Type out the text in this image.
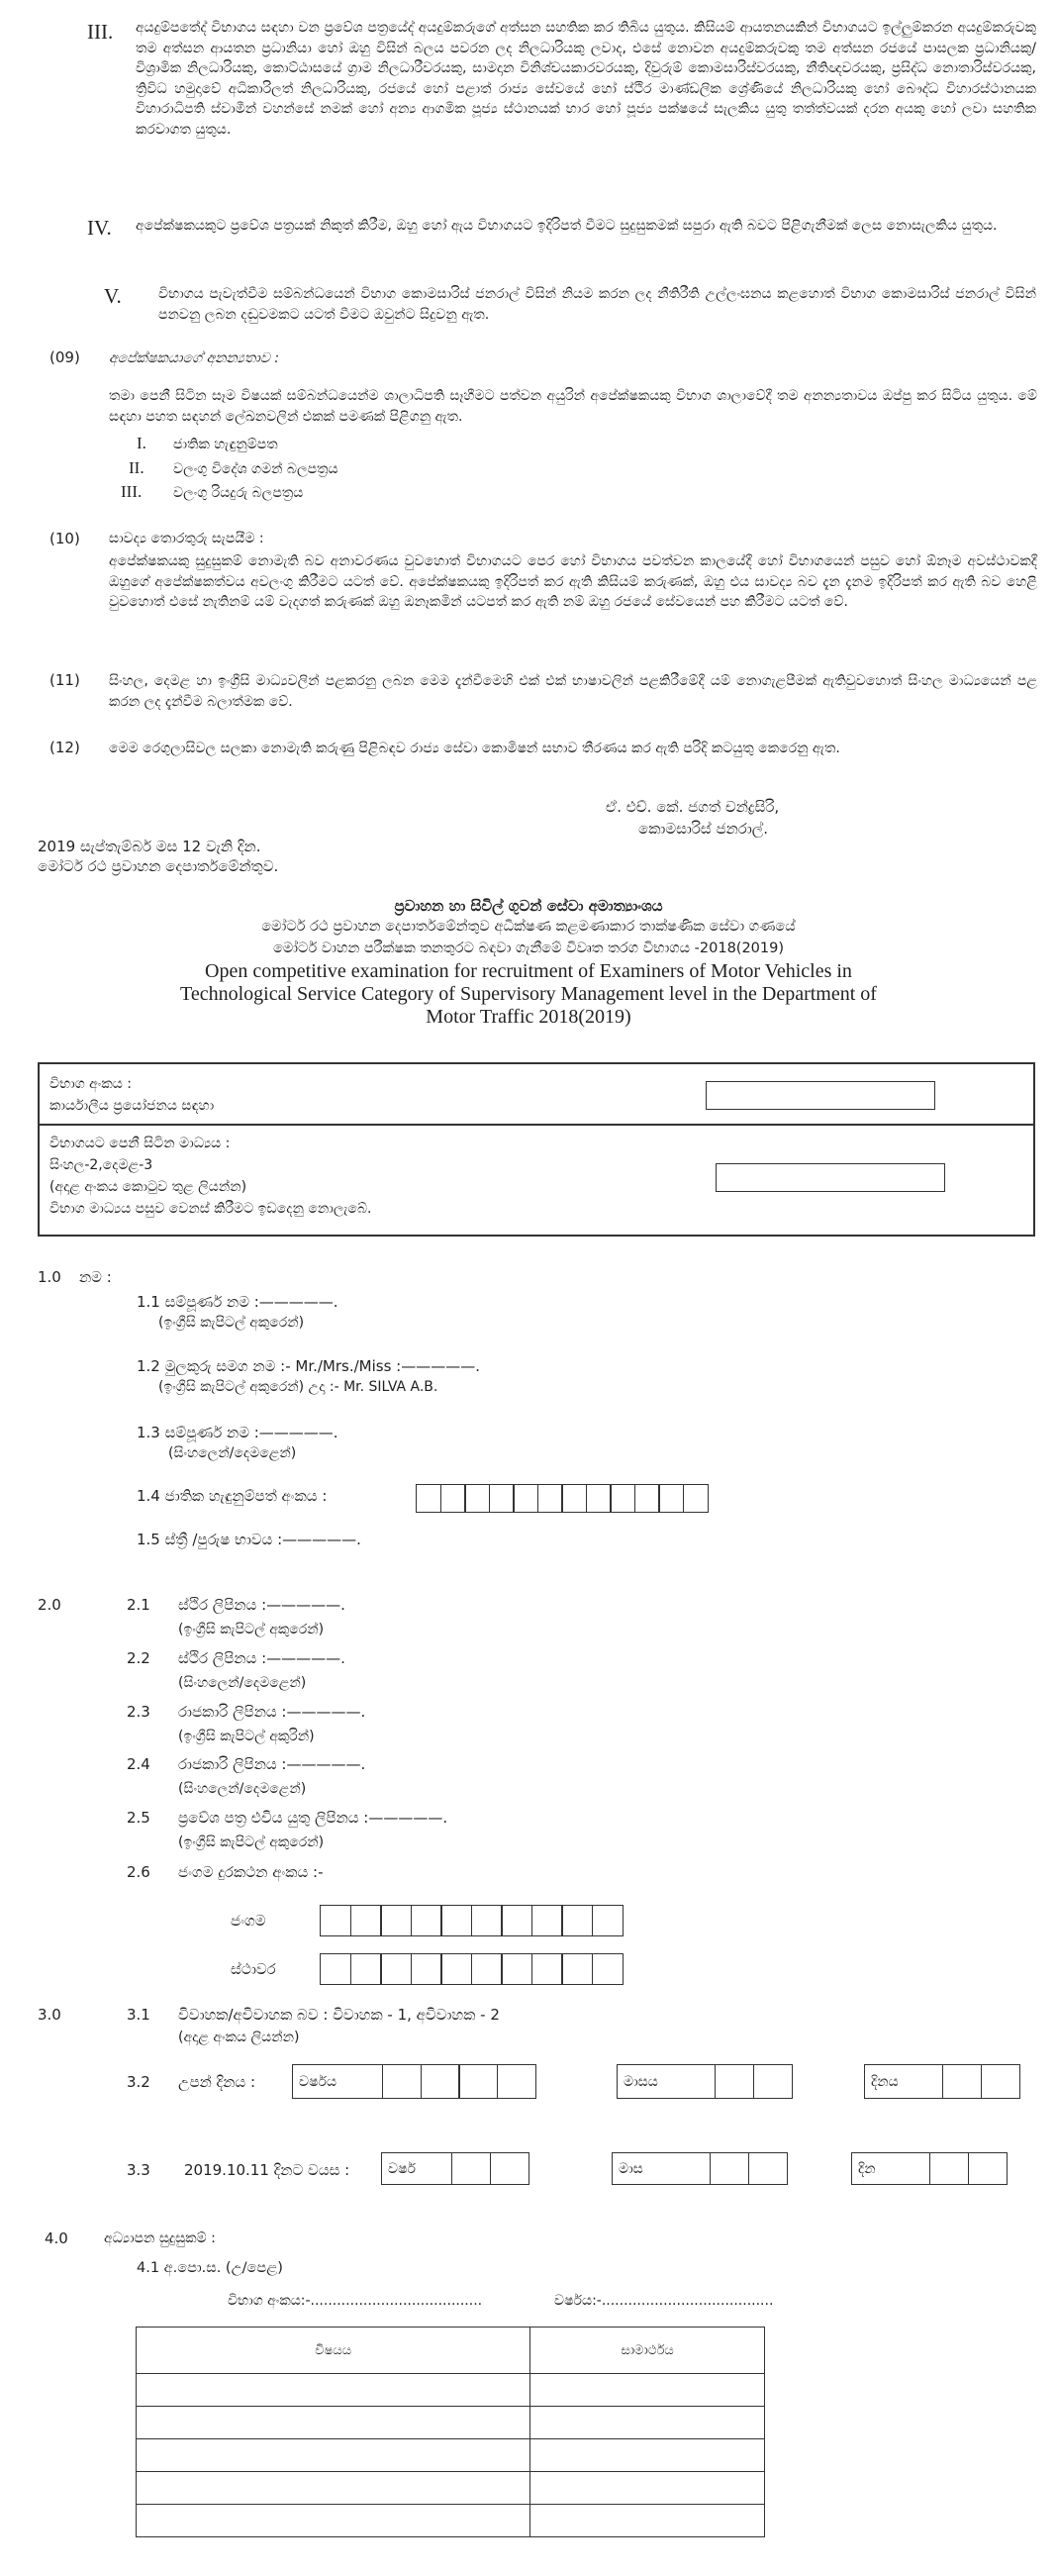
III. අයදුම්පතේද් විභාගය සඳහා වන ප්‍රවේශ පත්‍රයේද් අයදුම්කරුගේ අත්සන සහතික කර තිබිය යුතුය. කිසියම් ආයතනයකින් විභාගයට ඉල්ලුම්කරන අයදුම්කරුවකු තම අත්සන ආයතන ප්‍රධානියා හෝ ඔහු විසින් බලය පවරන ලද නිලධාරියකු ලවාද, එසේ නොවන අයදුම්කරුවකු තම අත්සන රජයේ පාසලක ප්‍රධානියකු/විශ්‍රාමික නිලධාරියකු, කොට්ඨාසයේ ග්‍රාම නිලධාරීවරයකු, සාමදාන විනිශ්චයකාරවරයකු, දිවුරුම් කොමසාරිස්වරයකු, නීතිඥවරයකු, ප්‍රසිද්ධ නොතාරිස්වරයකු, ත්‍රිවිධ හමුදාවේ අධිකාරිලත් නිලධාරියකු, රජයේ හෝ පළාත් රාජ්‍ය සේවයේ හෝ ස්ථිර මාණ්ඩලික ශ්‍රේණියේ නිලධාරියකු හෝ බෞද්ධ විහාරස්ථානයක විහාරාධිපති ස්වාමීන් වහන්සේ නමක් හෝ අන්‍ය ආගමික පූජ්‍ය ස්ථානයක් භාර හෝ පූජ්‍ය පක්ෂයේ සැලකිය යුතු තත්ත්වයක් දරන අයකු හෝ ලවා සහතික කරවාගත යුතුය.
IV. අපේක්ෂකයකුට ප්‍රවේශ පත්‍රයක් නිකුත් කිරීම, ඔහු හෝ ඇය විභාගයට ඉදිරිපත් වීමට සුදුසුකමක් සපුරා ඇති බවට පිළිගැනීමක් ලෙස නොසැලකිය යුතුය.
V.	විභාගය පැවැත්වීම සම්බන්ධයෙන් විභාග කොමසාරිස් ජනරාල් විසින් නියම කරන ලද නීතිරීති උල්ලංඝනය කළහොත් විභාග කොමසාරිස් ජනරාල් විසින් පනවනු ලබන දඬුවමකට යටත් වීමට ඔවුන්ට සිදුවනු ඇත.
(09) අපේක්ෂකයාගේ අනන්‍යතාව :
තමා පෙනී සිටින සෑම විෂයක් සම්බන්ධයෙන්ම ශාලාධිපති සෑහීමට පත්වන අයුරින් අපේක්ෂකයකු විභාග ශාලාවේදී තම අනන්‍යතාවය ඔප්පු කර සිටිය යුතුය. මේ සඳහා පහත සඳහන් ලේඛනවලින් එකක් පමණක් පිළිගනු ඇත.
I. ජාතික හැඳුනුම්පත
II. වලංගු විදේශ ගමන් බලපත්‍රය
III. වලංගු රියදුරු බලපත්‍රය
(10) සාවද්‍ය තොරතුරු සැපයීම :
අපේක්ෂකයකු සුදුසුකම් නොමැති බව අනාවරණය වුවහොත් විභාගයට පෙර හෝ විභාගය පවත්වන කාලයේදී හෝ විභාගයෙන් පසුව හෝ ඕනෑම අවස්ථාවකදී ඔහුගේ අපේක්ෂකත්වය අවලංගු කිරීමට යටත් වේ. අපේක්ෂකයකු ඉදිරිපත් කර ඇති කිසියම් කරුණක්, ඔහු එය සාවද්‍ය බව දැන දැනම ඉදිරිපත් කර ඇති බව හෙළි වුවහොත් එසේ නැතිනම් යම් වැදගත් කරුණක් ඔහු ඔනෑකමින් යටපත් කර ඇති නම් ඔහු රජයේ සේවයෙන් පහ කිරීමට යටත් වේ.
(11) සිංහල, දෙමළ හා ඉංග්‍රීසි මාධ්‍යවලින් පළකරනු ලබන මෙම දැන්වීමෙහි එක් එක් භාෂාවලින් පළකිරීමේදී යම් නොගැළපීමක් ඇතිවුවහොත් සිංහල මාධ්‍යයෙන් පළ කරන ලද දැන්වීම බලාත්මක වේ.
(12) මෙම රෙගුලාසිවල සලකා නොමැති කරුණු පිළිබඳව රාජ්‍ය සේවා කොමිෂන් සභාව තීරණය කර ඇති පරිදි කටයුතු කෙරෙනු ඇත.
ඒ. එච්. කේ. ජගත් චන්ද්‍රසිරි,
කොමසාරිස් ජනරාල්.
2019 සැප්තැම්බර් මස 12 වැනි දින.
මෝටර් රථ ප්‍රවාහන දෙපාර්තමේන්තුව.
ප්‍රවාහන හා සිවිල් ගුවන් සේවා අමාත්‍යාංශය
මෝටර් රථ ප්‍රවාහන දෙපාර්තමේන්තුව අධීක්ෂණ කළමණාකාර තාක්ෂණික සේවා ගණයේ
මෝටර් වාහන පරීක්ෂක තනතුරට බඳවා ගැනීමේ විවෘත තරග විභාගය -2018(2019)
Open competitive examination for recruitment of Examiners of Motor Vehicles in
Technological Service Category of Supervisory Management level in the Department of
Motor Traffic 2018(2019)
විභාග අංකය :
කාර්යාලීය ප්‍රයෝජනය සඳහා
විභාගයට පෙනී සිටින මාධ්‍යය :
සිංහල-2,දෙමළ-3
(අදාළ අංකය කොටුව තුළ ලියන්න)
විභාග මාධ්‍යය පසුව වෙනස් කිරීමට ඉඩදෙනු නොලැබේ.
1.0 නම :
1.1 සම්පූර්ණ නම :—————.
(ඉංග්‍රීසි කැපිටල් අකුරෙන්)
1.2 මුලකුරු සමග නම :- Mr./Mrs./Miss :—————.
(ඉංග්‍රීසි කැපිටල් අකුරෙන්) උදා :- Mr. SILVA A.B.
1.3 සම්පූර්ණ නම :—————.
(සිංහලෙන්/දෙමළෙන්)
1.4 ජාතික හැඳුනුම්පත් අංකය :
1.5 ස්ත්‍රී /පුරුෂ භාවය :—————.
2.0	2.1 ස්ථිර ලිපිනය :—————.
(ඉංග්‍රීසි කැපිටල් අකුරෙන්)
2.2 ස්ථිර ලිපිනය :—————.
(සිංහලෙන්/දෙමළෙන්)
2.3 රාජකාරි ලිපිනය :—————.
(ඉංග්‍රීසි කැපිටල් අකුරින්)
2.4 රාජකාරි ලිපිනය :—————.
(සිංහලෙන්/දෙමළෙන්)
2.5 ප්‍රවේශ පත්‍ර එවිය යුතු ලිපිනය :—————.
(ඉංග්‍රීසි කැපිටල් අකුරෙන්)
2.6 ජංගම දුරකථන අංකය :-
ජංගම
ස්ථාවර
3.0	3.1 විවාහක/අවිවාහක බව : විවාහක - 1, අවිවාහක - 2
(අදාළ අංකය ලියන්න)
3.2 උපන් දිනය :	වර්ෂය	මාසය	දිනය
3.3 2019.10.11 දිනට වයස :	වර්ෂ	මාස	දින
4.0	අධ්‍යාපන සුදුසුකම් :
4.1 අ.පො.ස. (උ/පෙළ)
විභාග අංකය:-.......................................	වර්ෂය:-.......................................
විෂයය	සාමාර්ථය
